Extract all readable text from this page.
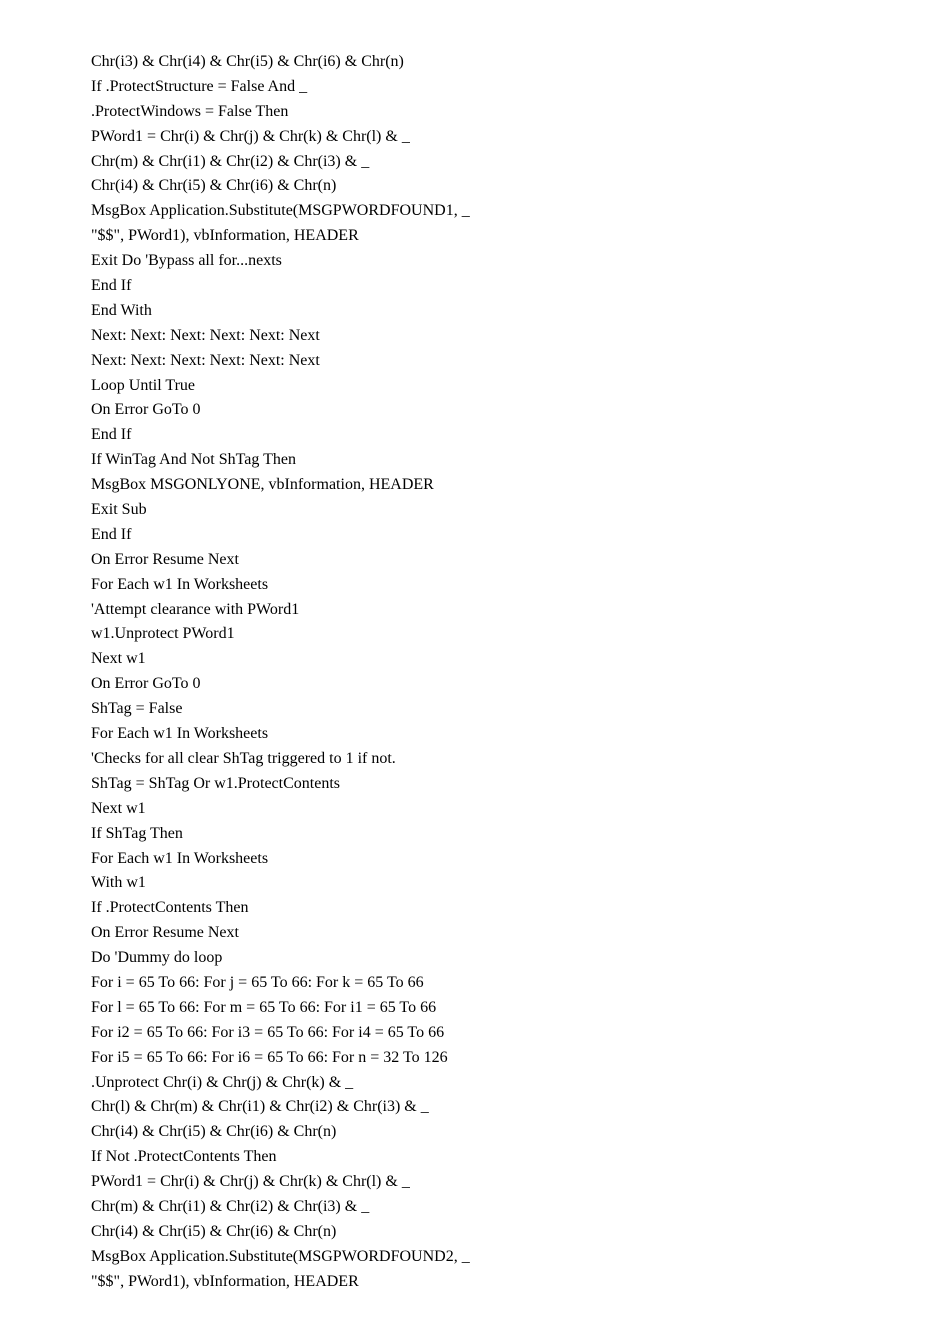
Chr(i3) & Chr(i4) & Chr(i5) & Chr(i6) & Chr(n)
If .ProtectStructure = False And _
.ProtectWindows = False Then
PWord1 = Chr(i) & Chr(j) & Chr(k) & Chr(l) & _
Chr(m) & Chr(i1) & Chr(i2) & Chr(i3) & _
Chr(i4) & Chr(i5) & Chr(i6) & Chr(n)
MsgBox Application.Substitute(MSGPWORDFOUND1, _
"$$", PWord1), vbInformation, HEADER
Exit Do 'Bypass all for...nexts
End If
End With
Next: Next: Next: Next: Next: Next
Next: Next: Next: Next: Next: Next
Loop Until True
On Error GoTo 0
End If
If WinTag And Not ShTag Then
MsgBox MSGONLYONE, vbInformation, HEADER
Exit Sub
End If
On Error Resume Next
For Each w1 In Worksheets
'Attempt clearance with PWord1
w1.Unprotect PWord1
Next w1
On Error GoTo 0
ShTag = False
For Each w1 In Worksheets
'Checks for all clear ShTag triggered to 1 if not.
ShTag = ShTag Or w1.ProtectContents
Next w1
If ShTag Then
For Each w1 In Worksheets
With w1
If .ProtectContents Then
On Error Resume Next
Do 'Dummy do loop
For i = 65 To 66: For j = 65 To 66: For k = 65 To 66
For l = 65 To 66: For m = 65 To 66: For i1 = 65 To 66
For i2 = 65 To 66: For i3 = 65 To 66: For i4 = 65 To 66
For i5 = 65 To 66: For i6 = 65 To 66: For n = 32 To 126
.Unprotect Chr(i) & Chr(j) & Chr(k) & _
Chr(l) & Chr(m) & Chr(i1) & Chr(i2) & Chr(i3) & _
Chr(i4) & Chr(i5) & Chr(i6) & Chr(n)
If Not .ProtectContents Then
PWord1 = Chr(i) & Chr(j) & Chr(k) & Chr(l) & _
Chr(m) & Chr(i1) & Chr(i2) & Chr(i3) & _
Chr(i4) & Chr(i5) & Chr(i6) & Chr(n)
MsgBox Application.Substitute(MSGPWORDFOUND2, _
"$$", PWord1), vbInformation, HEADER
